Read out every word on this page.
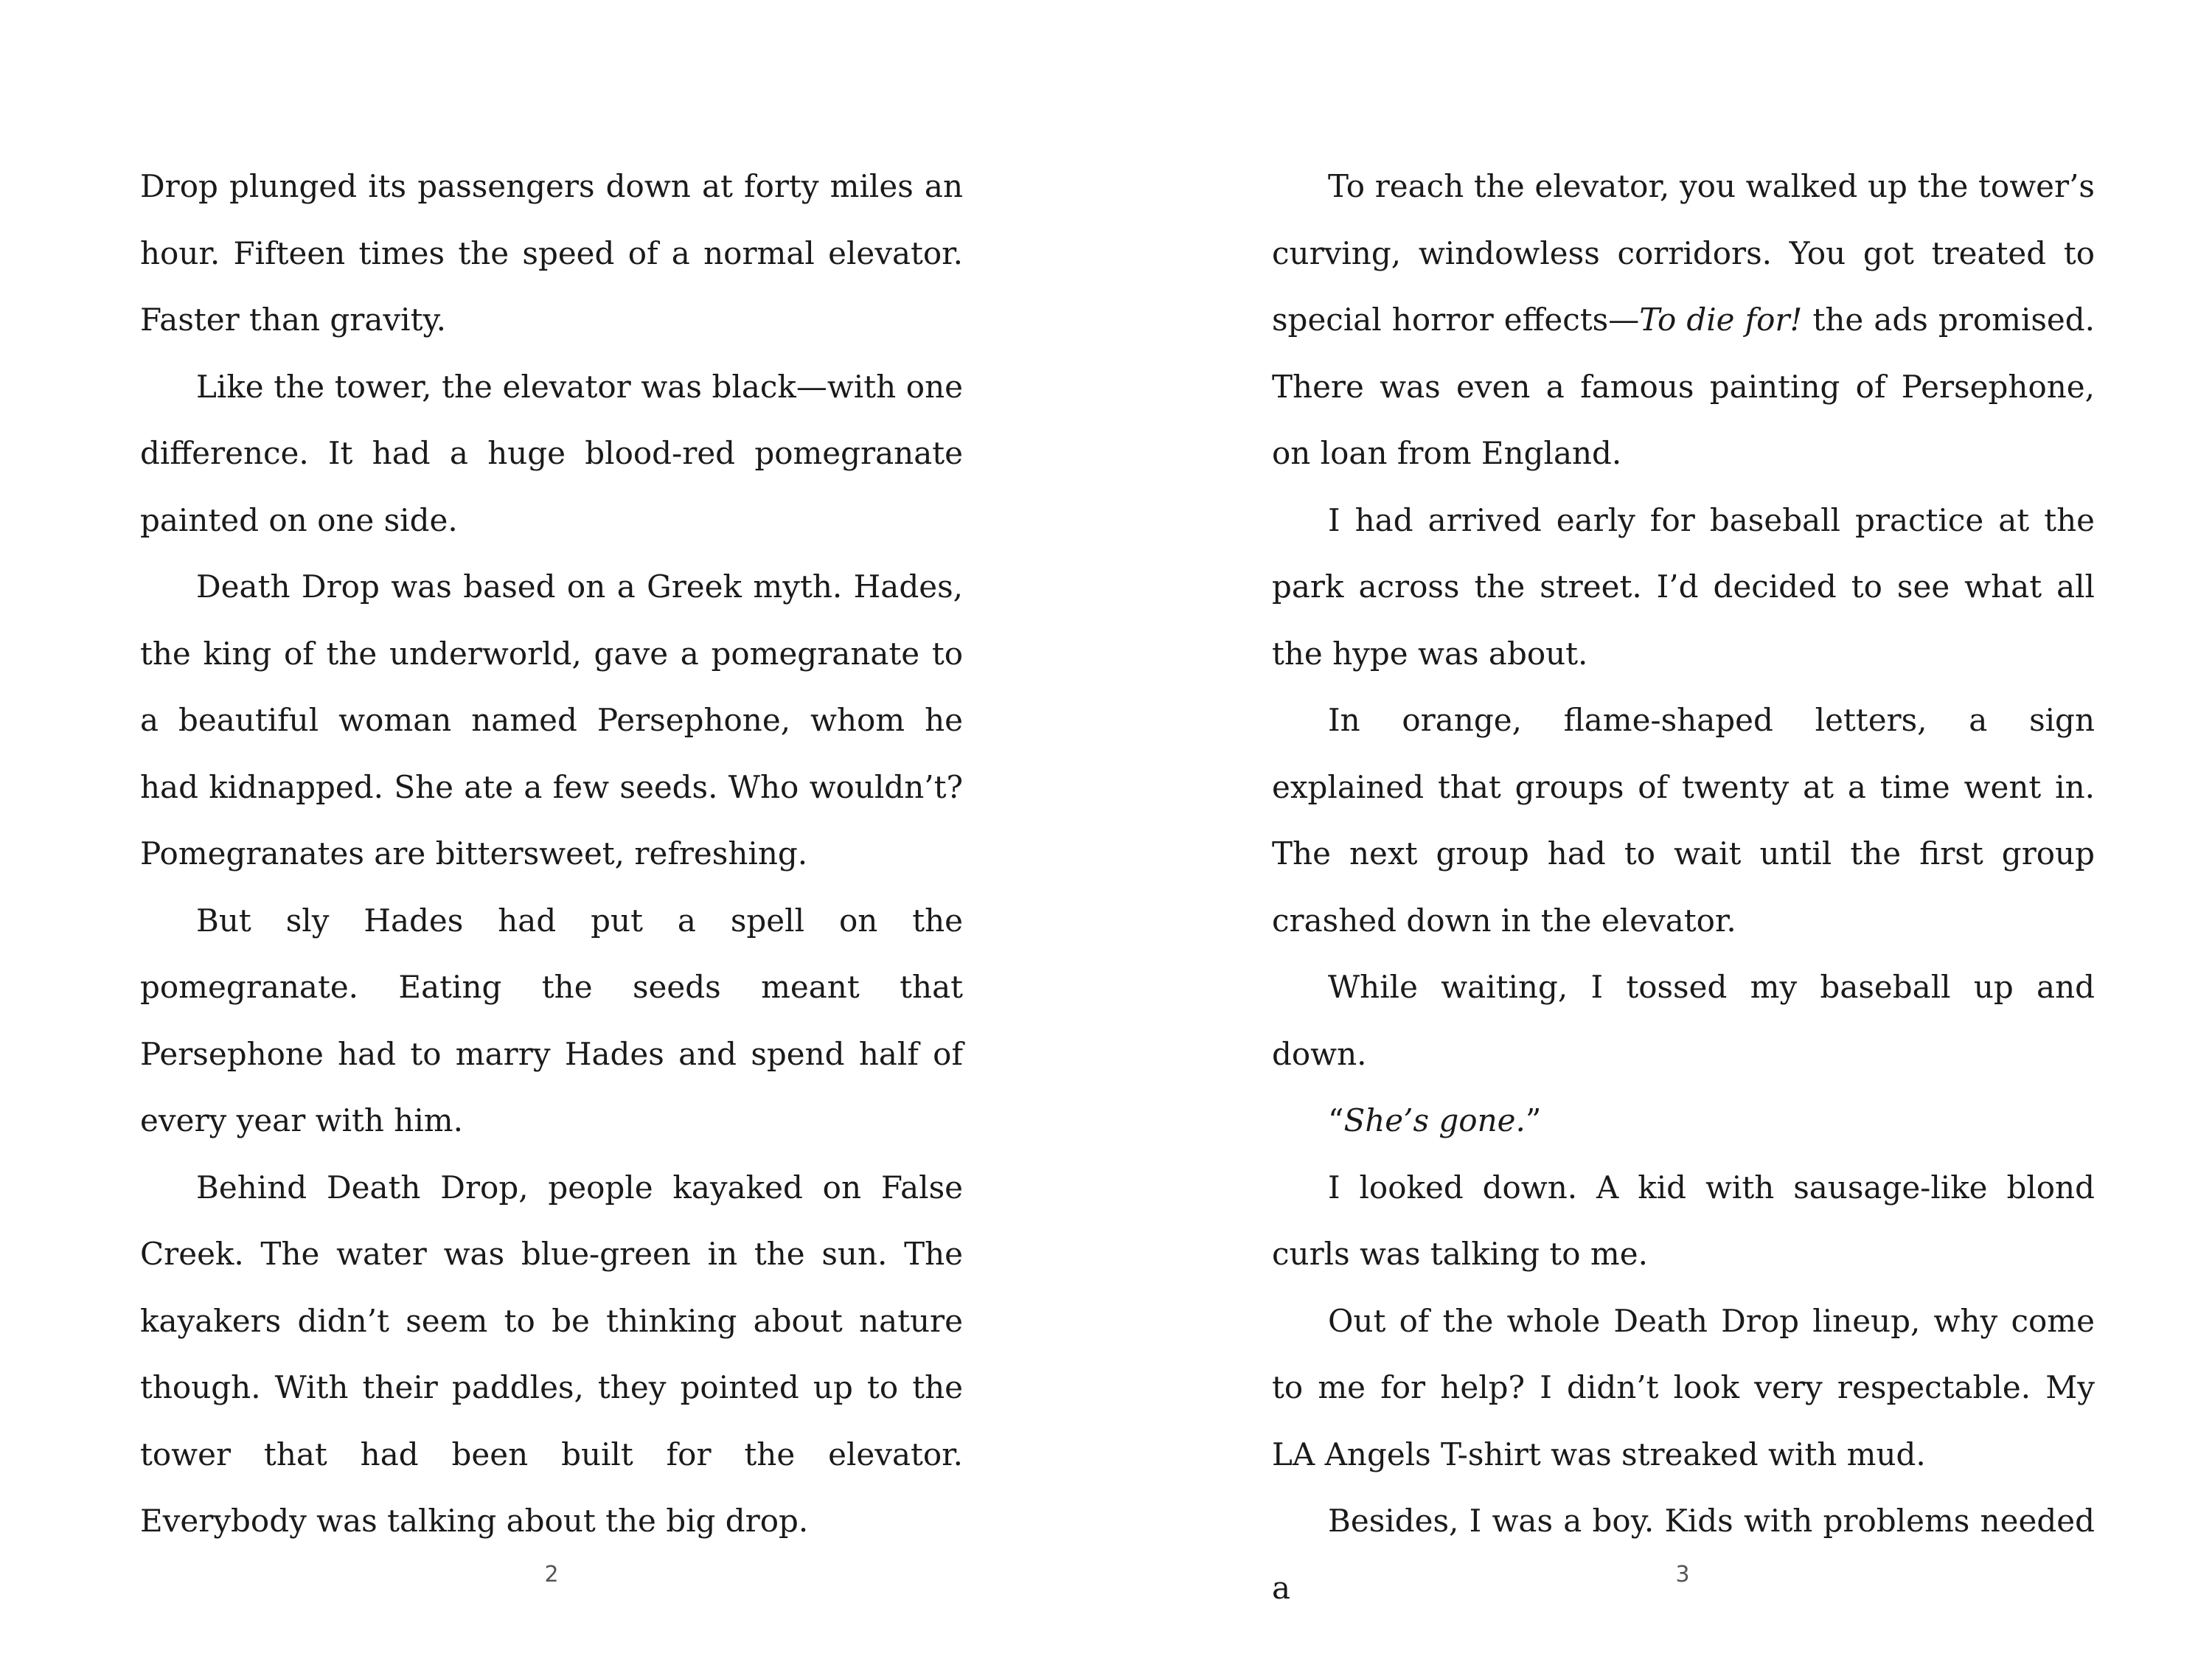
Drop plunged its passengers down at forty miles an hour. Fifteen times the speed of a normal elevator. Faster than gravity.

Like the tower, the elevator was black—with one difference. It had a huge blood-red pomegranate painted on one side.

Death Drop was based on a Greek myth. Hades, the king of the underworld, gave a pomegranate to a beautiful woman named Persephone, whom he had kidnapped. She ate a few seeds. Who wouldn’t? Pomegranates are bittersweet, refreshing.

But sly Hades had put a spell on the pomegranate. Eating the seeds meant that Persephone had to marry Hades and spend half of every year with him.

Behind Death Drop, people kayaked on False Creek. The water was blue-green in the sun. The kayakers didn’t seem to be thinking about nature though. With their paddles, they pointed up to the tower that had been built for the elevator. Everybody was talking about the big drop.

2

To reach the elevator, you walked up the tower’s curving, windowless corridors. You got treated to special horror effects—To die for! the ads promised. There was even a famous painting of Persephone, on loan from England.

I had arrived early for baseball practice at the park across the street. I’d decided to see what all the hype was about.

In orange, flame-shaped letters, a sign explained that groups of twenty at a time went in. The next group had to wait until the first group crashed down in the elevator.

While waiting, I tossed my baseball up and down.

“She’s gone.”

I looked down. A kid with sausage-like blond curls was talking to me.

Out of the whole Death Drop lineup, why come to me for help? I didn’t look very respectable. My LA Angels T-shirt was streaked with mud.

Besides, I was a boy. Kids with problems needed a	3
